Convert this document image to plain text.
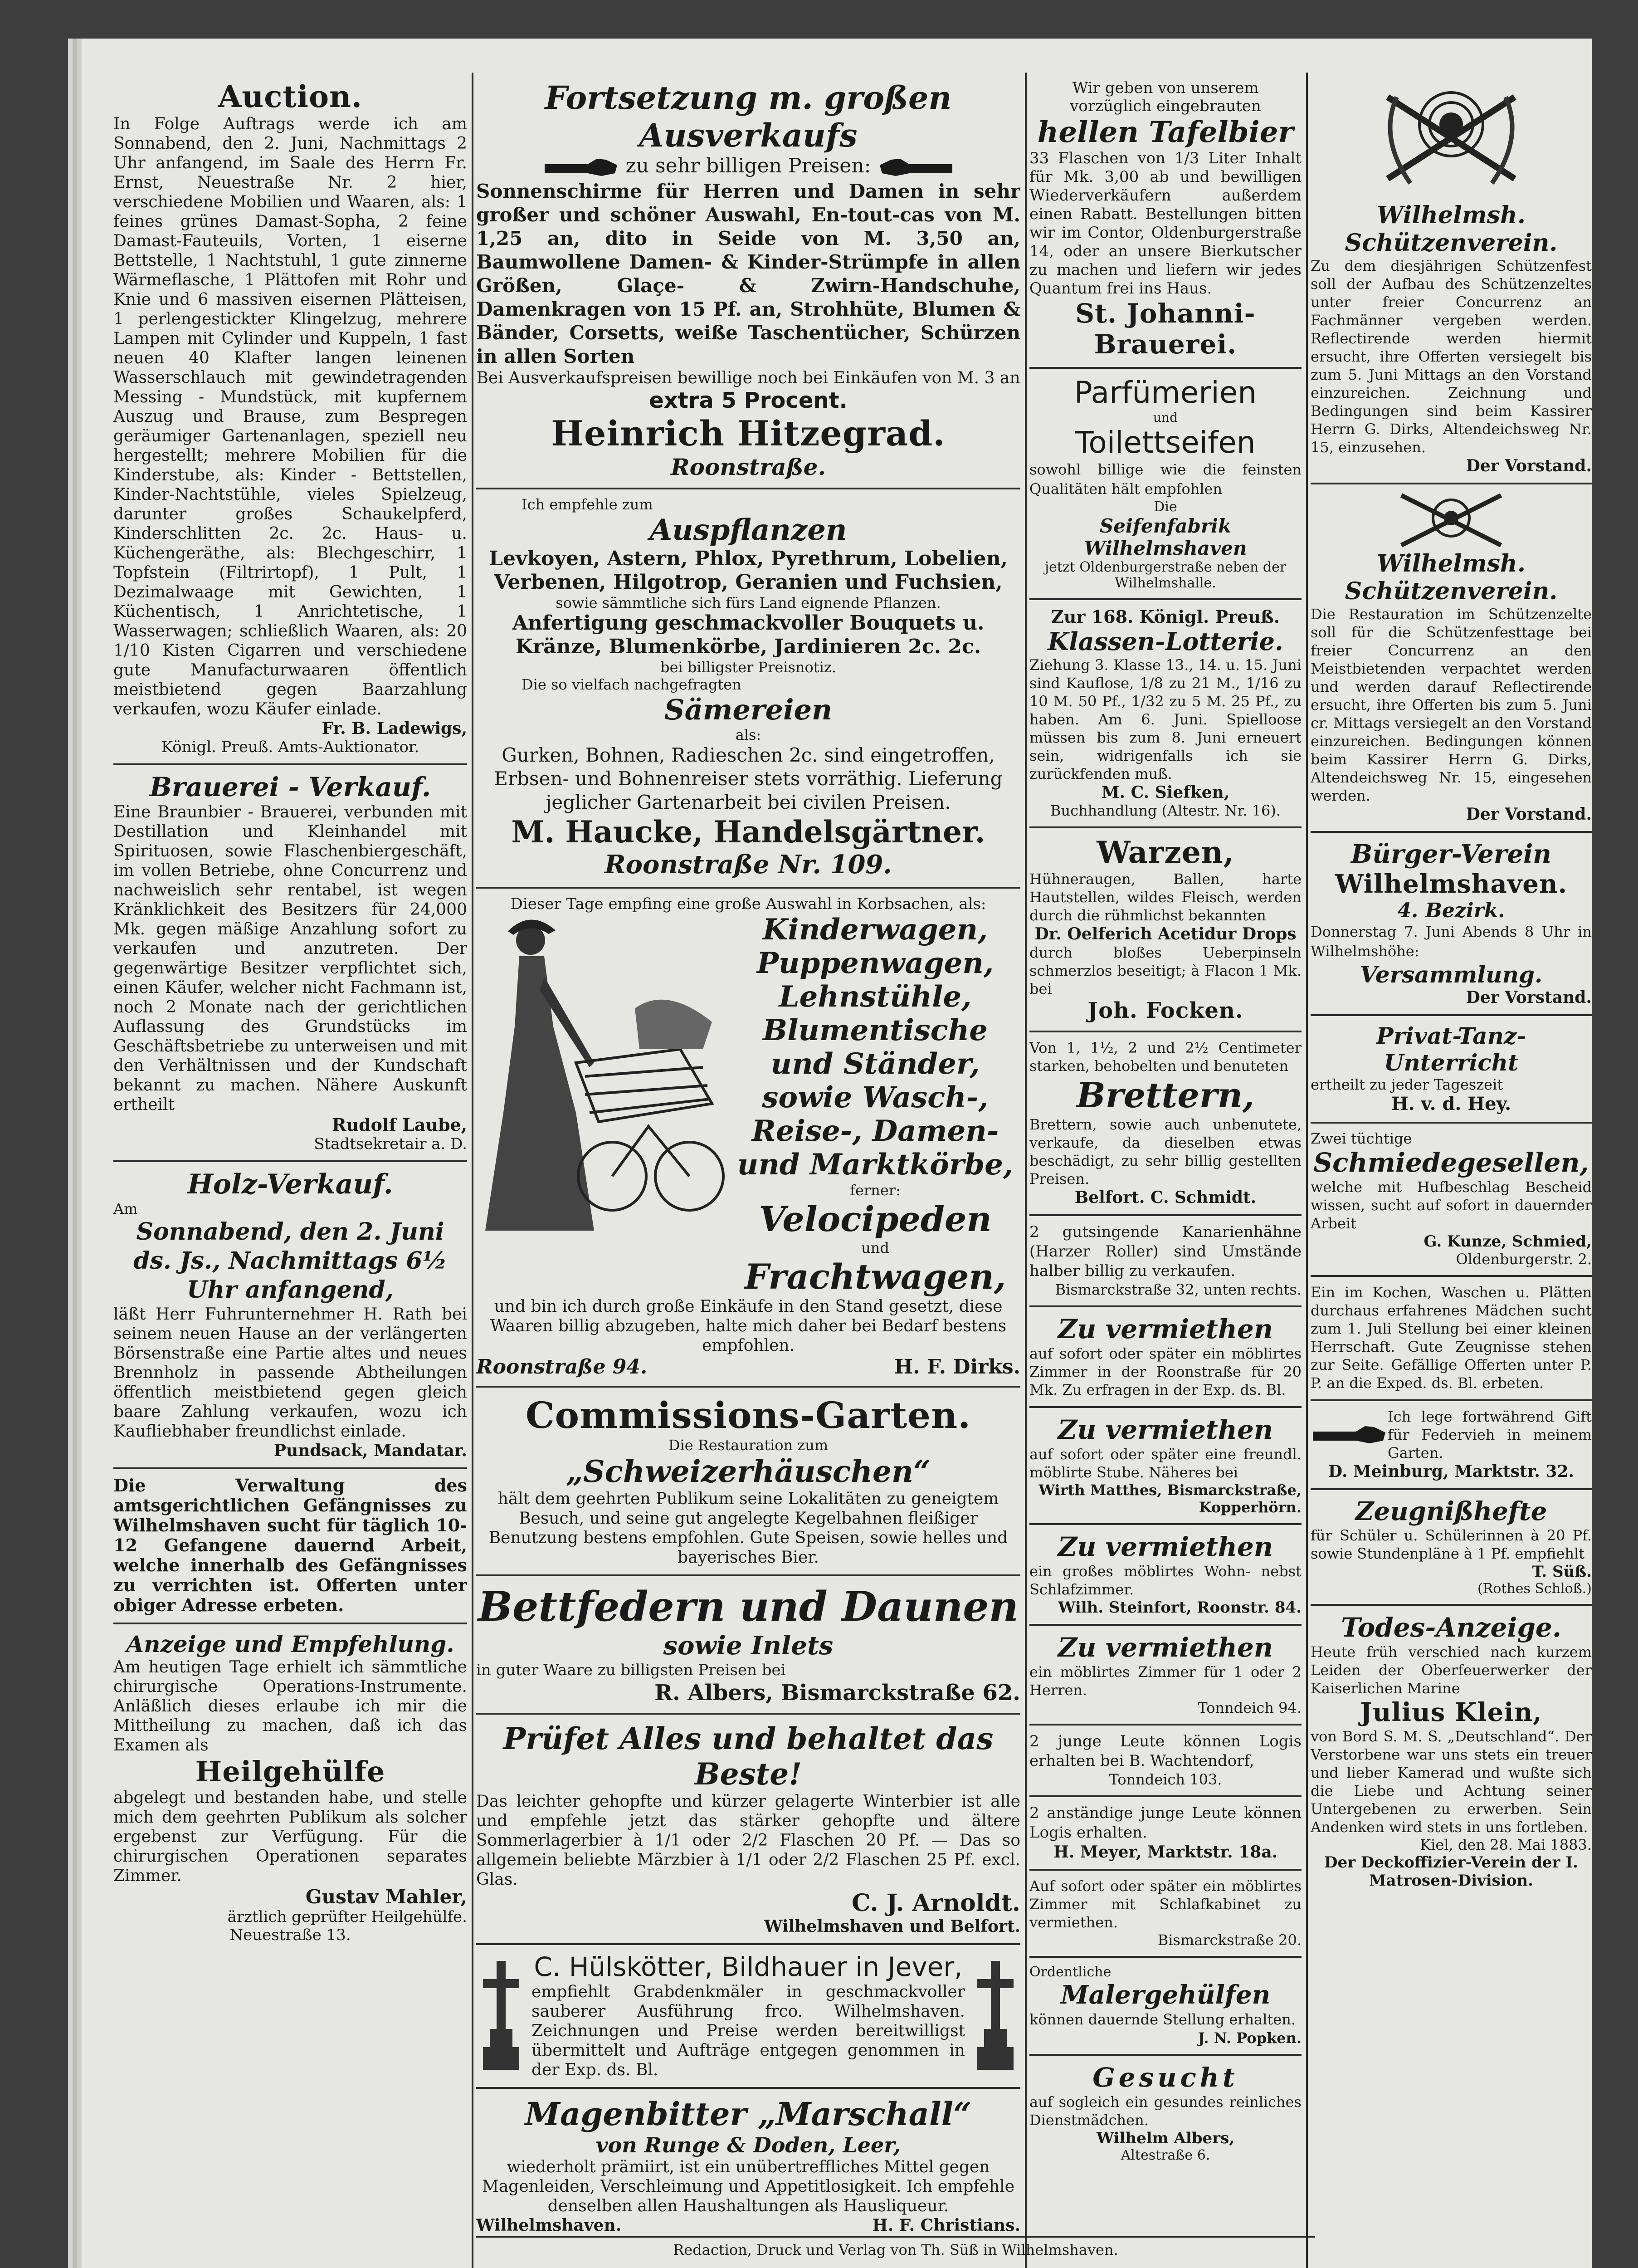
Auction.
In Folge Auftrags werde ich am Sonnabend, den 2. Juni, Nachmittags 2 Uhr anfangend, im Saale des Herrn Fr. Ernst, Neuestraße Nr. 2 hier, verschiedene Mobilien und Waaren, als: 1 feines grünes Damast-Sopha, 2 feine Damast-Fauteuils, Vorten, 1 eiserne Bettstelle, 1 Nachtstuhl, 1 gute zinnerne Wärmeflasche, 1 Plättofen mit Rohr und Knie und 6 massiven eisernen Plätteisen, 1 perlengestickter Klingelzug, mehrere Lampen mit Cylinder und Kuppeln, 1 fast neuen 40 Klafter langen leinenen Wasserschlauch mit gewindetragenden Messing - Mundstück, mit kupfernem Auszug und Brause, zum Bespregen geräumiger Gartenanlagen, speziell neu hergestellt; mehrere Mobilien für die Kinderstube, als: Kinder - Bettstellen, Kinder-Nachtstühle, vieles Spielzeug, darunter großes Schaukelpferd, Kinderschlitten 2c. 2c. Haus- u. Küchengeräthe, als: Blechgeschirr, 1 Topfstein (Filtrirtopf), 1 Pult, 1 Dezimalwaage mit Gewichten, 1 Küchentisch, 1 Anrichtetische, 1 Wasserwagen; schließlich Waaren, als: 20 1/10 Kisten Cigarren und verschiedene gute Manufacturwaaren öffentlich meistbietend gegen Baarzahlung verkaufen, wozu Käufer einlade.
Fr. B. Ladewigs,
Königl. Preuß. Amts-Auktionator.
Brauerei - Verkauf.
Eine Braunbier - Brauerei, verbunden mit Destillation und Kleinhandel mit Spirituosen, sowie Flaschenbiergeschäft, im vollen Betriebe, ohne Concurrenz und nachweislich sehr rentabel, ist wegen Kränklichkeit des Besitzers für 24,000 Mk. gegen mäßige Anzahlung sofort zu verkaufen und anzutreten. Der gegenwärtige Besitzer verpflichtet sich, einen Käufer, welcher nicht Fachmann ist, noch 2 Monate nach der gerichtlichen Auflassung des Grundstücks im Geschäftsbetriebe zu unterweisen und mit den Verhältnissen und der Kundschaft bekannt zu machen. Nähere Auskunft ertheilt
Rudolf Laube,
Stadtsekretair a. D.
Holz-Verkauf.
Am
Sonnabend, den 2. Juni ds. Js., Nachmittags 6½ Uhr anfangend,
läßt Herr Fuhrunternehmer H. Rath bei seinem neuen Hause an der verlängerten Börsenstraße eine Partie altes und neues Brennholz in passende Abtheilungen öffentlich meistbietend gegen gleich baare Zahlung verkaufen, wozu ich Kaufliebhaber freundlichst einlade.
Pundsack, Mandatar.
Die Verwaltung des amtsgerichtlichen Gefängnisses zu Wilhelmshaven sucht für täglich 10-12 Gefangene dauernd Arbeit, welche innerhalb des Gefängnisses zu verrichten ist. Offerten unter obiger Adresse erbeten.
Anzeige und Empfehlung.
Am heutigen Tage erhielt ich sämmtliche chirurgische Operations-Instrumente. Anläßlich dieses erlaube ich mir die Mittheilung zu machen, daß ich das Examen als
Heilgehülfe
abgelegt und bestanden habe, und stelle mich dem geehrten Publikum als solcher ergebenst zur Verfügung. Für die chirurgischen Operationen separates Zimmer.
Gustav Mahler,
ärztlich geprüfter Heilgehülfe.
Neuestraße 13.
Fortsetzung m. großen Ausverkaufs
zu sehr billigen Preisen:
Sonnenschirme für Herren und Damen in sehr großer und schöner Auswahl, En-tout-cas von M. 1,25 an, dito in Seide von M. 3,50 an, Baumwollene Damen- & Kinder-Strümpfe in allen Größen, Glaçe- & Zwirn-Handschuhe, Damenkragen von 15 Pf. an, Strohhüte, Blumen & Bänder, Corsetts, weiße Taschentücher, Schürzen in allen Sorten
Bei Ausverkaufspreisen bewillige noch bei Einkäufen von M. 3 an
extra 5 Procent.
Heinrich Hitzegrad.
Roonstraße.
Ich empfehle zum
Auspflanzen
Levkoyen, Astern, Phlox, Pyrethrum, Lobelien, Verbenen, Hilgotrop, Geranien und Fuchsien,
sowie sämmtliche sich fürs Land eignende Pflanzen.
Anfertigung geschmackvoller Bouquets u. Kränze, Blumenkörbe, Jardinieren 2c. 2c.
bei billigster Preisnotiz.
Die so vielfach nachgefragten
Sämereien
als:
Gurken, Bohnen, Radieschen 2c. sind eingetroffen, Erbsen- und Bohnenreiser stets vorräthig. Lieferung jeglicher Gartenarbeit bei civilen Preisen.
M. Haucke, Handelsgärtner.
Roonstraße Nr. 109.
Dieser Tage empfing eine große Auswahl in Korbsachen, als:
Kinderwagen, Puppenwagen, Lehnstühle, Blumentische und Ständer, sowie Wasch-, Reise-, Damen- und Marktkörbe,
ferner:
Velocipeden
und
Frachtwagen,
und bin ich durch große Einkäufe in den Stand gesetzt, diese Waaren billig abzugeben, halte mich daher bei Bedarf bestens empfohlen.
Roonstraße 94.	H. F. Dirks.
Commissions-Garten.
Die Restauration zum
„Schweizerhäuschen“
hält dem geehrten Publikum seine Lokalitäten zu geneigtem Besuch, und seine gut angelegte Kegelbahnen fleißiger Benutzung bestens empfohlen. Gute Speisen, sowie helles und bayerisches Bier.
Bettfedern und Daunen
sowie Inlets
in guter Waare zu billigsten Preisen bei
R. Albers, Bismarckstraße 62.
Prüfet Alles und behaltet das Beste!
Das leichter gehopfte und kürzer gelagerte Winterbier ist alle und empfehle jetzt das stärker gehopfte und ältere Sommerlagerbier à 1/1 oder 2/2 Flaschen 20 Pf. — Das so allgemein beliebte Märzbier à 1/1 oder 2/2 Flaschen 25 Pf. excl. Glas.
C. J. Arnoldt.
Wilhelmshaven und Belfort.
C. Hülskötter, Bildhauer in Jever,
empfiehlt Grabdenkmäler in geschmackvoller sauberer Ausführung frco. Wilhelmshaven. Zeichnungen und Preise werden bereitwilligst übermittelt und Aufträge entgegen genommen in der Exp. ds. Bl.
Magenbitter „Marschall“
von Runge & Doden, Leer,
wiederholt prämiirt, ist ein unübertreffliches Mittel gegen Magenleiden, Verschleimung und Appetitlosigkeit. Ich empfehle denselben allen Haushaltungen als Hausliqueur.
Wilhelmshaven.	H. F. Christians.
Wir geben von unserem vorzüglich eingebrauten
hellen Tafelbier
33 Flaschen von 1/3 Liter Inhalt für Mk. 3,00 ab und bewilligen Wiederverkäufern außerdem einen Rabatt. Bestellungen bitten wir im Contor, Oldenburgerstraße 14, oder an unsere Bierkutscher zu machen und liefern wir jedes Quantum frei ins Haus.
St. Johanni-Brauerei.
Parfümerien
und
Toilettseifen
sowohl billige wie die feinsten Qualitäten hält empfohlen
Die
Seifenfabrik Wilhelmshaven
jetzt Oldenburgerstraße neben der Wilhelmshalle.
Zur 168. Königl. Preuß.
Klassen-Lotterie.
Ziehung 3. Klasse 13., 14. u. 15. Juni sind Kauflose, 1/8 zu 21 M., 1/16 zu 10 M. 50 Pf., 1/32 zu 5 M. 25 Pf., zu haben. Am 6. Juni. Spielloose müssen bis zum 8. Juni erneuert sein, widrigenfalls ich sie zurückfenden muß.
M. C. Siefken,
Buchhandlung (Altestr. Nr. 16).
Warzen,
Hühneraugen, Ballen, harte Hautstellen, wildes Fleisch, werden durch die rühmlichst bekannten
Dr. Oelferich Acetidur Drops
durch bloßes Ueberpinseln schmerzlos beseitigt; à Flacon 1 Mk. bei
Joh. Focken.
Von 1, 1½, 2 und 2½ Centimeter starken, behobelten und benuteten
Brettern,
Brettern, sowie auch unbenutete, verkaufe, da dieselben etwas beschädigt, zu sehr billig gestellten Preisen.
Belfort. C. Schmidt.
2 gutsingende Kanarienhähne (Harzer Roller) sind Umstände halber billig zu verkaufen.
Bismarckstraße 32, unten rechts.
Zu vermiethen
auf sofort oder später ein möblirtes Zimmer in der Roonstraße für 20 Mk. Zu erfragen in der Exp. ds. Bl.
Zu vermiethen
auf sofort oder später eine freundl. möblirte Stube. Näheres bei
Wirth Matthes, Bismarckstraße, Kopperhörn.
Zu vermiethen
ein großes möblirtes Wohn- nebst Schlafzimmer.
Wilh. Steinfort, Roonstr. 84.
Zu vermiethen
ein möblirtes Zimmer für 1 oder 2 Herren.
Tonndeich 94.
2 junge Leute können Logis erhalten bei B. Wachtendorf,
Tonndeich 103.
2 anständige junge Leute können Logis erhalten.
H. Meyer, Marktstr. 18a.
Auf sofort oder später ein möblirtes Zimmer mit Schlafkabinet zu vermiethen.
Bismarckstraße 20.
Ordentliche
Malergehülfen
können dauernde Stellung erhalten.
J. N. Popken.
Gesucht
auf sogleich ein gesundes reinliches Dienstmädchen.
Wilhelm Albers,
Altestraße 6.
Wilhelmsh. Schützenverein.
Zu dem diesjährigen Schützenfest soll der Aufbau des Schützenzeltes unter freier Concurrenz an Fachmänner vergeben werden. Reflectirende werden hiermit ersucht, ihre Offerten versiegelt bis zum 5. Juni Mittags an den Vorstand einzureichen. Zeichnung und Bedingungen sind beim Kassirer Herrn G. Dirks, Altendeichsweg Nr. 15, einzusehen.
Der Vorstand.
Wilhelmsh. Schützenverein.
Die Restauration im Schützenzelte soll für die Schützenfesttage bei freier Concurrenz an den Meistbietenden verpachtet werden und werden darauf Reflectirende ersucht, ihre Offerten bis zum 5. Juni cr. Mittags versiegelt an den Vorstand einzureichen. Bedingungen können beim Kassirer Herrn G. Dirks, Altendeichsweg Nr. 15, eingesehen werden.
Der Vorstand.
Bürger-Verein
Wilhelmshaven.
4. Bezirk.
Donnerstag 7. Juni Abends 8 Uhr in Wilhelmshöhe:
Versammlung.
Der Vorstand.
Privat-Tanz-Unterricht
ertheilt zu jeder Tageszeit
H. v. d. Hey.
Zwei tüchtige
Schmiedegesellen,
welche mit Hufbeschlag Bescheid wissen, sucht auf sofort in dauernder Arbeit
G. Kunze, Schmied,
Oldenburgerstr. 2.
Ein im Kochen, Waschen u. Plätten durchaus erfahrenes Mädchen sucht zum 1. Juli Stellung bei einer kleinen Herrschaft. Gute Zeugnisse stehen zur Seite. Gefällige Offerten unter P. P. an die Exped. ds. Bl. erbeten.
Ich lege fortwährend Gift für Federvieh in meinem Garten.
D. Meinburg, Marktstr. 32.
Zeugnißhefte
für Schüler u. Schülerinnen à 20 Pf. sowie Stundenpläne à 1 Pf. empfiehlt
T. Süß.
(Rothes Schloß.)
Todes-Anzeige.
Heute früh verschied nach kurzem Leiden der Oberfeuerwerker der Kaiserlichen Marine
Julius Klein,
von Bord S. M. S. „Deutschland“. Der Verstorbene war uns stets ein treuer und lieber Kamerad und wußte sich die Liebe und Achtung seiner Untergebenen zu erwerben. Sein Andenken wird stets in uns fortleben.
Kiel, den 28. Mai 1883.
Der Deckoffizier-Verein der I. Matrosen-Division.
Redaction, Druck und Verlag von Th. Süß in Wilhelmshaven.
